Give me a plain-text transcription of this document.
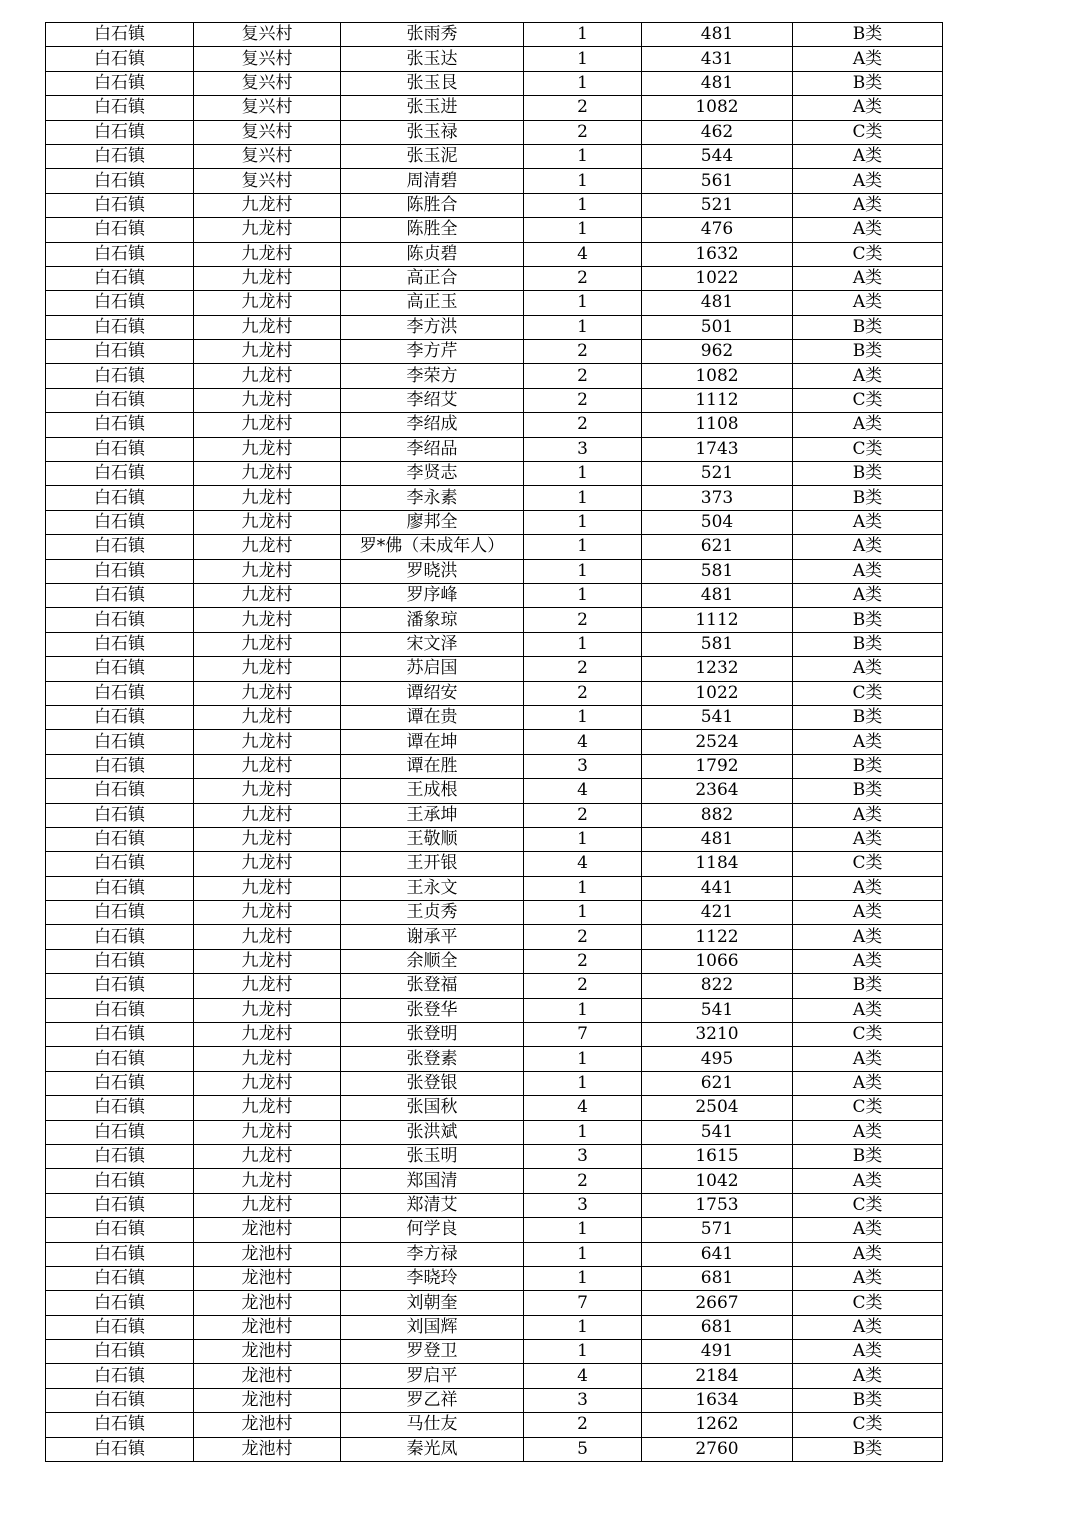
白石镇	复兴村	张雨秀	1	481	B类
白石镇	复兴村	张玉达	1	431	A类
白石镇	复兴村	张玉艮	1	481	B类
白石镇	复兴村	张玉进	2	1082	A类
白石镇	复兴村	张玉禄	2	462	C类
白石镇	复兴村	张玉泥	1	544	A类
白石镇	复兴村	周清碧	1	561	A类
白石镇	九龙村	陈胜合	1	521	A类
白石镇	九龙村	陈胜全	1	476	A类
白石镇	九龙村	陈贞碧	4	1632	C类
白石镇	九龙村	高正合	2	1022	A类
白石镇	九龙村	高正玉	1	481	A类
白石镇	九龙村	李方洪	1	501	B类
白石镇	九龙村	李方芹	2	962	B类
白石镇	九龙村	李荣方	2	1082	A类
白石镇	九龙村	李绍艾	2	1112	C类
白石镇	九龙村	李绍成	2	1108	A类
白石镇	九龙村	李绍品	3	1743	C类
白石镇	九龙村	李贤志	1	521	B类
白石镇	九龙村	李永素	1	373	B类
白石镇	九龙村	廖邦全	1	504	A类
白石镇	九龙村	罗*佛（未成年人）	1	621	A类
白石镇	九龙村	罗晓洪	1	581	A类
白石镇	九龙村	罗序峰	1	481	A类
白石镇	九龙村	潘象琼	2	1112	B类
白石镇	九龙村	宋文泽	1	581	B类
白石镇	九龙村	苏启国	2	1232	A类
白石镇	九龙村	谭绍安	2	1022	C类
白石镇	九龙村	谭在贵	1	541	B类
白石镇	九龙村	谭在坤	4	2524	A类
白石镇	九龙村	谭在胜	3	1792	B类
白石镇	九龙村	王成根	4	2364	B类
白石镇	九龙村	王承坤	2	882	A类
白石镇	九龙村	王敬顺	1	481	A类
白石镇	九龙村	王开银	4	1184	C类
白石镇	九龙村	王永文	1	441	A类
白石镇	九龙村	王贞秀	1	421	A类
白石镇	九龙村	谢承平	2	1122	A类
白石镇	九龙村	余顺全	2	1066	A类
白石镇	九龙村	张登福	2	822	B类
白石镇	九龙村	张登华	1	541	A类
白石镇	九龙村	张登明	7	3210	C类
白石镇	九龙村	张登素	1	495	A类
白石镇	九龙村	张登银	1	621	A类
白石镇	九龙村	张国秋	4	2504	C类
白石镇	九龙村	张洪斌	1	541	A类
白石镇	九龙村	张玉明	3	1615	B类
白石镇	九龙村	郑国清	2	1042	A类
白石镇	九龙村	郑清艾	3	1753	C类
白石镇	龙池村	何学良	1	571	A类
白石镇	龙池村	李方禄	1	641	A类
白石镇	龙池村	李晓玲	1	681	A类
白石镇	龙池村	刘朝奎	7	2667	C类
白石镇	龙池村	刘国辉	1	681	A类
白石镇	龙池村	罗登卫	1	491	A类
白石镇	龙池村	罗启平	4	2184	A类
白石镇	龙池村	罗乙祥	3	1634	B类
白石镇	龙池村	马仕友	2	1262	C类
白石镇	龙池村	秦光凤	5	2760	B类
